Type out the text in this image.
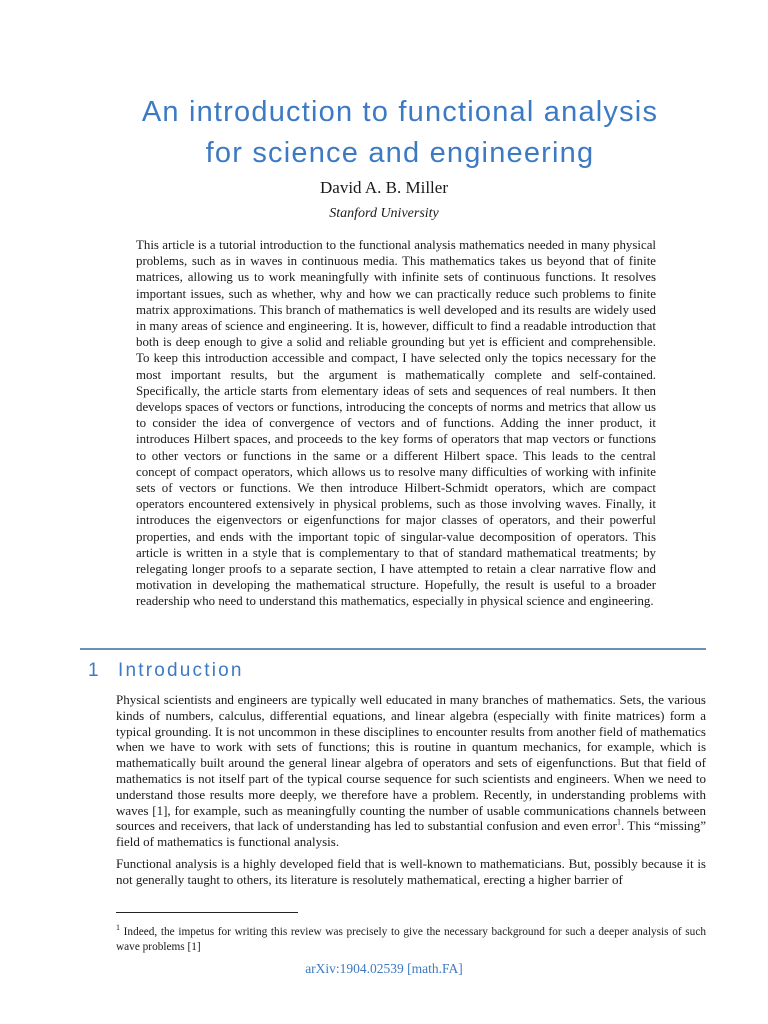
An introduction to functional analysis
for science and engineering

David A. B. Miller

Stanford University

This article is a tutorial introduction to the functional analysis mathematics needed in many physical problems, such as in waves in continuous media. This mathematics takes us beyond that of finite matrices, allowing us to work meaningfully with infinite sets of continuous functions. It resolves important issues, such as whether, why and how we can practically reduce such problems to finite matrix approximations. This branch of mathematics is well developed and its results are widely used in many areas of science and engineering. It is, however, difficult to find a readable introduction that both is deep enough to give a solid and reliable grounding but yet is efficient and comprehensible. To keep this introduction accessible and compact, I have selected only the topics necessary for the most important results, but the argument is mathematically complete and self-contained. Specifically, the article starts from elementary ideas of sets and sequences of real numbers. It then develops spaces of vectors or functions, introducing the concepts of norms and metrics that allow us to consider the idea of convergence of vectors and of functions. Adding the inner product, it introduces Hilbert spaces, and proceeds to the key forms of operators that map vectors or functions to other vectors or functions in the same or a different Hilbert space. This leads to the central concept of compact operators, which allows us to resolve many difficulties of working with infinite sets of vectors or functions. We then introduce Hilbert-Schmidt operators, which are compact operators encountered extensively in physical problems, such as those involving waves. Finally, it introduces the eigenvectors or eigenfunctions for major classes of operators, and their powerful properties, and ends with the important topic of singular-value decomposition of operators. This article is written in a style that is complementary to that of standard mathematical treatments; by relegating longer proofs to a separate section, I have attempted to retain a clear narrative flow and motivation in developing the mathematical structure. Hopefully, the result is useful to a broader readership who need to understand this mathematics, especially in physical science and engineering.

1 Introduction

Physical scientists and engineers are typically well educated in many branches of mathematics. Sets, the various kinds of numbers, calculus, differential equations, and linear algebra (especially with finite matrices) form a typical grounding. It is not uncommon in these disciplines to encounter results from another field of mathematics when we have to work with sets of functions; this is routine in quantum mechanics, for example, which is mathematically built around the general linear algebra of operators and sets of eigenfunctions. But that field of mathematics is not itself part of the typical course sequence for such scientists and engineers. When we need to understand those results more deeply, we therefore have a problem. Recently, in understanding problems with waves [1], for example, such as meaningfully counting the number of usable communications channels between sources and receivers, that lack of understanding has led to substantial confusion and even error$^1$. This “missing” field of mathematics is functional analysis.

Functional analysis is a highly developed field that is well-known to mathematicians. But, possibly because it is not generally taught to others, its literature is resolutely mathematical, erecting a higher barrier of

$^1$ Indeed, the impetus for writing this review was precisely to give the necessary background for such a deeper analysis of such wave problems [1]

arXiv:1904.02539 [math.FA]
